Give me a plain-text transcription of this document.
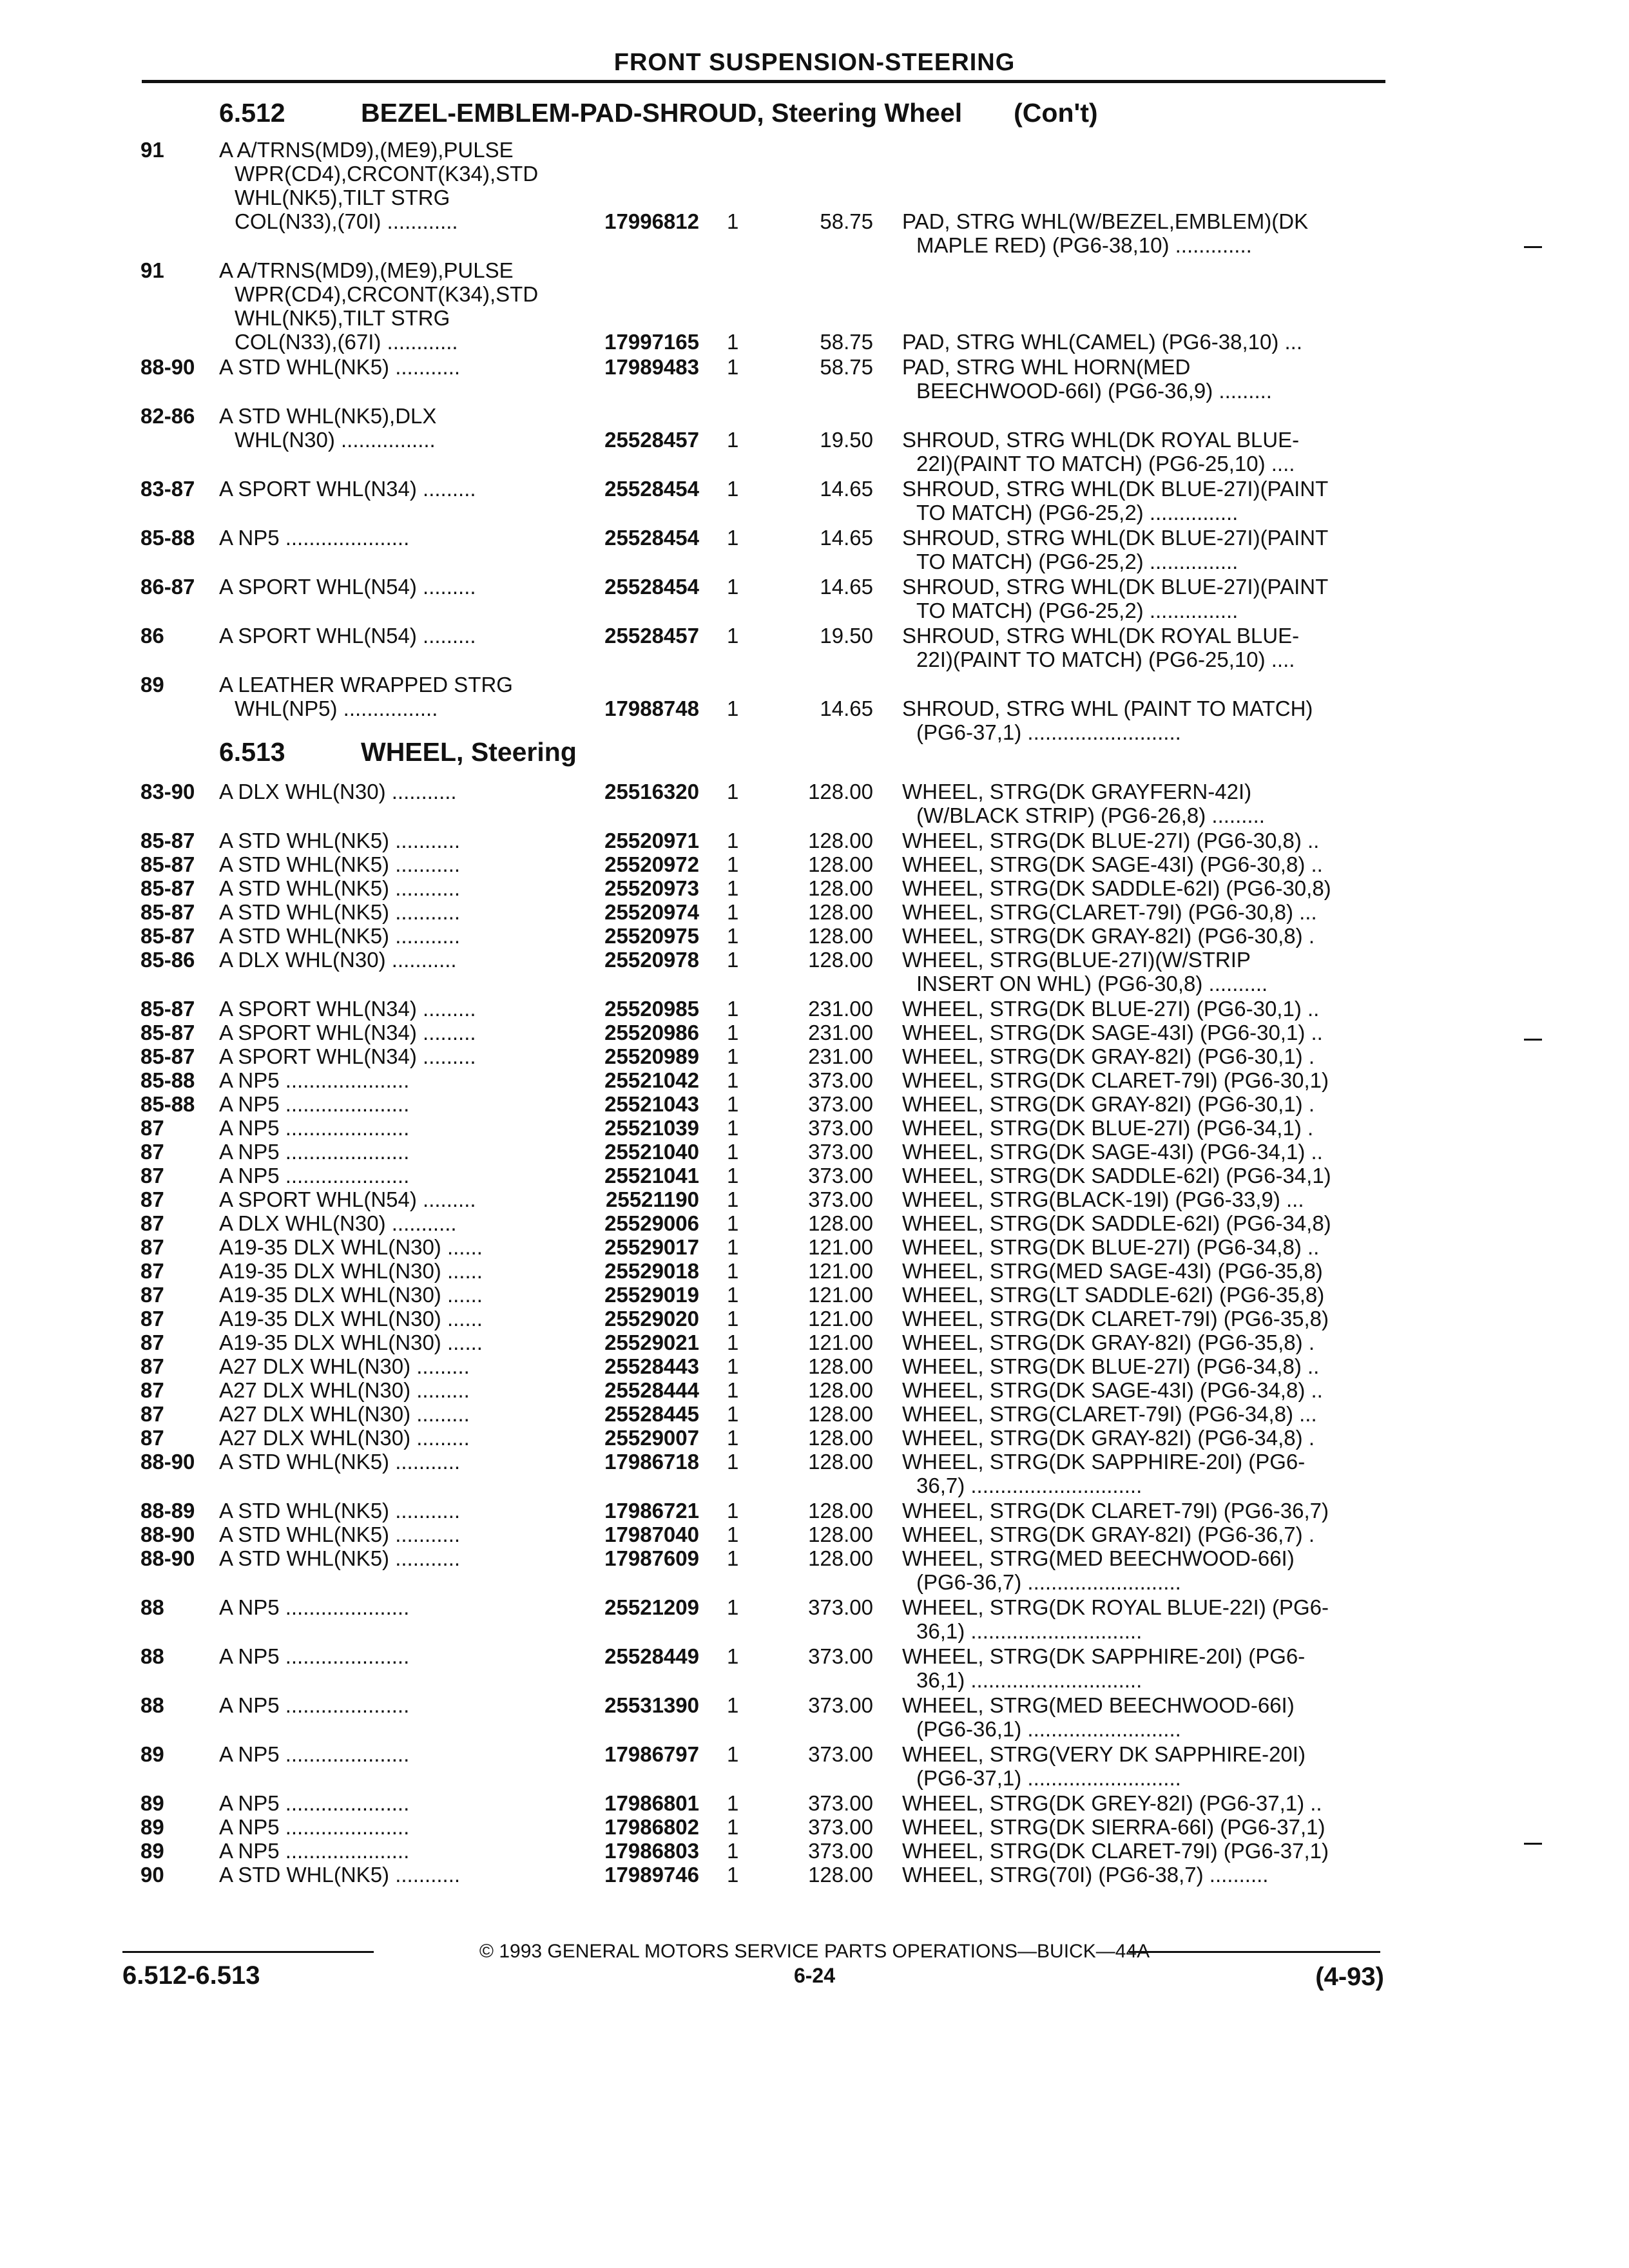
FRONT SUSPENSION-STEERING
6.512	BEZEL-EMBLEM-PAD-SHROUD, Steering Wheel (Con't)
6.513	WHEEL, Steering
91	A A/TRNS(MD9),(ME9),PULSE
WPR(CD4),CRCONT(K34),STD
WHL(NK5),TILT STRG
COL(N33),(70I) ............	17996812 1	58.75 PAD, STRG WHL(W/BEZEL,EMBLEM)(DK
MAPLE RED) (PG6-38,10) .............
91	A A/TRNS(MD9),(ME9),PULSE
WPR(CD4),CRCONT(K34),STD
WHL(NK5),TILT STRG
COL(N33),(67I) ............	17997165 1	58.75 PAD, STRG WHL(CAMEL) (PG6-38,10) ...
88-90 A STD WHL(NK5) ...........	17989483 1	58.75 PAD, STRG WHL HORN(MED
BEECHWOOD-66I) (PG6-36,9) .........
82-86 A STD WHL(NK5),DLX
WHL(N30) ................	25528457 1	19.50 SHROUD, STRG WHL(DK ROYAL BLUE-
22I)(PAINT TO MATCH) (PG6-25,10) ....
83-87 A SPORT WHL(N34) .........	25528454 1	14.65 SHROUD, STRG WHL(DK BLUE-27I)(PAINT
TO MATCH) (PG6-25,2) ...............
85-88 A NP5 .....................	25528454 1	14.65 SHROUD, STRG WHL(DK BLUE-27I)(PAINT
TO MATCH) (PG6-25,2) ...............
86-87 A SPORT WHL(N54) .........	25528454 1	14.65 SHROUD, STRG WHL(DK BLUE-27I)(PAINT
TO MATCH) (PG6-25,2) ...............
86	A SPORT WHL(N54) .........	25528457 1	19.50 SHROUD, STRG WHL(DK ROYAL BLUE-
22I)(PAINT TO MATCH) (PG6-25,10) ....
89	A LEATHER WRAPPED STRG
WHL(NP5) ................	17988748 1	14.65 SHROUD, STRG WHL (PAINT TO MATCH)
(PG6-37,1) ..........................
83-90 A DLX WHL(N30) ...........	25516320 1	128.00 WHEEL, STRG(DK GRAYFERN-42I)
(W/BLACK STRIP) (PG6-26,8) .........
85-87 A STD WHL(NK5) ...........	25520971 1	128.00 WHEEL, STRG(DK BLUE-27I) (PG6-30,8) ..
85-87 A STD WHL(NK5) ...........	25520972 1	128.00 WHEEL, STRG(DK SAGE-43I) (PG6-30,8) ..
85-87 A STD WHL(NK5) ...........	25520973 1	128.00 WHEEL, STRG(DK SADDLE-62I) (PG6-30,8)
85-87 A STD WHL(NK5) ...........	25520974 1	128.00 WHEEL, STRG(CLARET-79I) (PG6-30,8) ...
85-87 A STD WHL(NK5) ...........	25520975 1	128.00 WHEEL, STRG(DK GRAY-82I) (PG6-30,8) .
85-86 A DLX WHL(N30) ...........	25520978 1	128.00 WHEEL, STRG(BLUE-27I)(W/STRIP
INSERT ON WHL) (PG6-30,8) ..........
85-87 A SPORT WHL(N34) .........	25520985 1	231.00 WHEEL, STRG(DK BLUE-27I) (PG6-30,1) ..
85-87 A SPORT WHL(N34) .........	25520986 1	231.00 WHEEL, STRG(DK SAGE-43I) (PG6-30,1) ..
85-87 A SPORT WHL(N34) .........	25520989 1	231.00 WHEEL, STRG(DK GRAY-82I) (PG6-30,1) .
85-88 A NP5 .....................	25521042 1	373.00 WHEEL, STRG(DK CLARET-79I) (PG6-30,1)
85-88 A NP5 .....................	25521043 1	373.00 WHEEL, STRG(DK GRAY-82I) (PG6-30,1) .
87	A NP5 .....................	25521039 1	373.00 WHEEL, STRG(DK BLUE-27I) (PG6-34,1) .
87	A NP5 .....................	25521040 1	373.00 WHEEL, STRG(DK SAGE-43I) (PG6-34,1) ..
87	A NP5 .....................	25521041 1	373.00 WHEEL, STRG(DK SADDLE-62I) (PG6-34,1)
87	A SPORT WHL(N54) .........	25521190 1	373.00 WHEEL, STRG(BLACK-19I) (PG6-33,9) ...
87	A DLX WHL(N30) ...........	25529006 1	128.00 WHEEL, STRG(DK SADDLE-62I) (PG6-34,8)
87	A19-35 DLX WHL(N30) ......	25529017 1	121.00 WHEEL, STRG(DK BLUE-27I) (PG6-34,8) ..
87	A19-35 DLX WHL(N30) ......	25529018 1	121.00 WHEEL, STRG(MED SAGE-43I) (PG6-35,8)
87	A19-35 DLX WHL(N30) ......	25529019 1	121.00 WHEEL, STRG(LT SADDLE-62I) (PG6-35,8)
87	A19-35 DLX WHL(N30) ......	25529020 1	121.00 WHEEL, STRG(DK CLARET-79I) (PG6-35,8)
87	A19-35 DLX WHL(N30) ......	25529021 1	121.00 WHEEL, STRG(DK GRAY-82I) (PG6-35,8) .
87	A27 DLX WHL(N30) .........	25528443 1	128.00 WHEEL, STRG(DK BLUE-27I) (PG6-34,8) ..
87	A27 DLX WHL(N30) .........	25528444 1	128.00 WHEEL, STRG(DK SAGE-43I) (PG6-34,8) ..
87	A27 DLX WHL(N30) .........	25528445 1	128.00 WHEEL, STRG(CLARET-79I) (PG6-34,8) ...
87	A27 DLX WHL(N30) .........	25529007 1	128.00 WHEEL, STRG(DK GRAY-82I) (PG6-34,8) .
88-90 A STD WHL(NK5) ...........	17986718 1	128.00 WHEEL, STRG(DK SAPPHIRE-20I) (PG6-
36,7) .............................
88-89 A STD WHL(NK5) ...........	17986721 1	128.00 WHEEL, STRG(DK CLARET-79I) (PG6-36,7)
88-90 A STD WHL(NK5) ...........	17987040 1	128.00 WHEEL, STRG(DK GRAY-82I) (PG6-36,7) .
88-90 A STD WHL(NK5) ...........	17987609 1	128.00 WHEEL, STRG(MED BEECHWOOD-66I)
(PG6-36,7) ..........................
88	A NP5 .....................	25521209 1	373.00 WHEEL, STRG(DK ROYAL BLUE-22I) (PG6-
36,1) .............................
88	A NP5 .....................	25528449 1	373.00 WHEEL, STRG(DK SAPPHIRE-20I) (PG6-
36,1) .............................
88	A NP5 .....................	25531390 1	373.00 WHEEL, STRG(MED BEECHWOOD-66I)
(PG6-36,1) ..........................
89	A NP5 .....................	17986797 1	373.00 WHEEL, STRG(VERY DK SAPPHIRE-20I)
(PG6-37,1) ..........................
89	A NP5 .....................	17986801 1	373.00 WHEEL, STRG(DK GREY-82I) (PG6-37,1) ..
89	A NP5 .....................	17986802 1	373.00 WHEEL, STRG(DK SIERRA-66I) (PG6-37,1)
89	A NP5 .....................	17986803 1	373.00 WHEEL, STRG(DK CLARET-79I) (PG6-37,1)
90	A STD WHL(NK5) ...........	17989746 1	128.00 WHEEL, STRG(70I) (PG6-38,7) ..........
© 1993 GENERAL MOTORS SERVICE PARTS OPERATIONS—BUICK—44A
6.512-6.513	6-24	(4-93)
